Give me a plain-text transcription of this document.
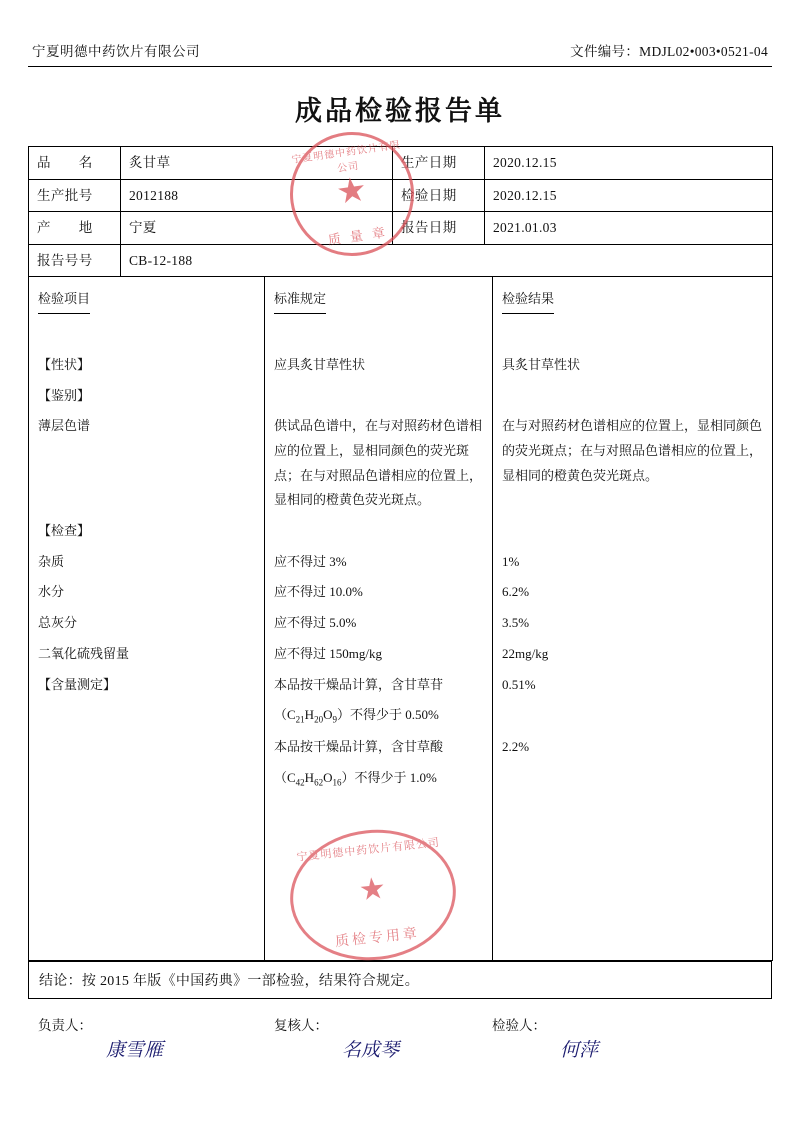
宁夏明德中药饮片有限公司	文件编号：MDJL02•003•0521-04
成品检验报告单
品　　名	炙甘草	生产日期	2020.12.15
生产批号	2012188	检验日期	2020.12.15
产　　地	宁夏	报告日期	2021.01.03
报告号号	CB-12-188		
检验项目	标准规定	检验结果

【性状】	应具炙甘草性状	具炙甘草性状
【鉴别】		
薄层色谱	供试品色谱中，在与对照药材色谱相应的位置上，显相同颜色的荧光斑点；在与对照品色谱相应的位置上，显相同的橙黄色荧光斑点。	在与对照药材色谱相应的位置上，显相同颜色的荧光斑点；在与对照品色谱相应的位置上，显相同的橙黄色荧光斑点。
【检查】		
杂质	应不得过 3%	1%
水分	应不得过 10.0%	6.2%
总灰分	应不得过 5.0%	3.5%
二氧化硫残留量	应不得过 150mg/kg	22mg/kg
【含量测定】	本品按干燥品计算，含甘草苷	0.51%
	$(C_{21}H_{20}O_9)$不得少于 0.50%	
	本品按干燥品计算，含甘草酸	2.2%
	$(C_{42}H_{62}O_{16})$不得少于 1.0%	

结论：按 2015 年版《中国药典》一部检验，结果符合规定。
负责人：
康雪雁
复核人：
名成琴
检验人：
何萍
宁夏明德中药饮片有限公司
★
质 量 章
宁夏明德中药饮片有限公司
★
质检专用章
